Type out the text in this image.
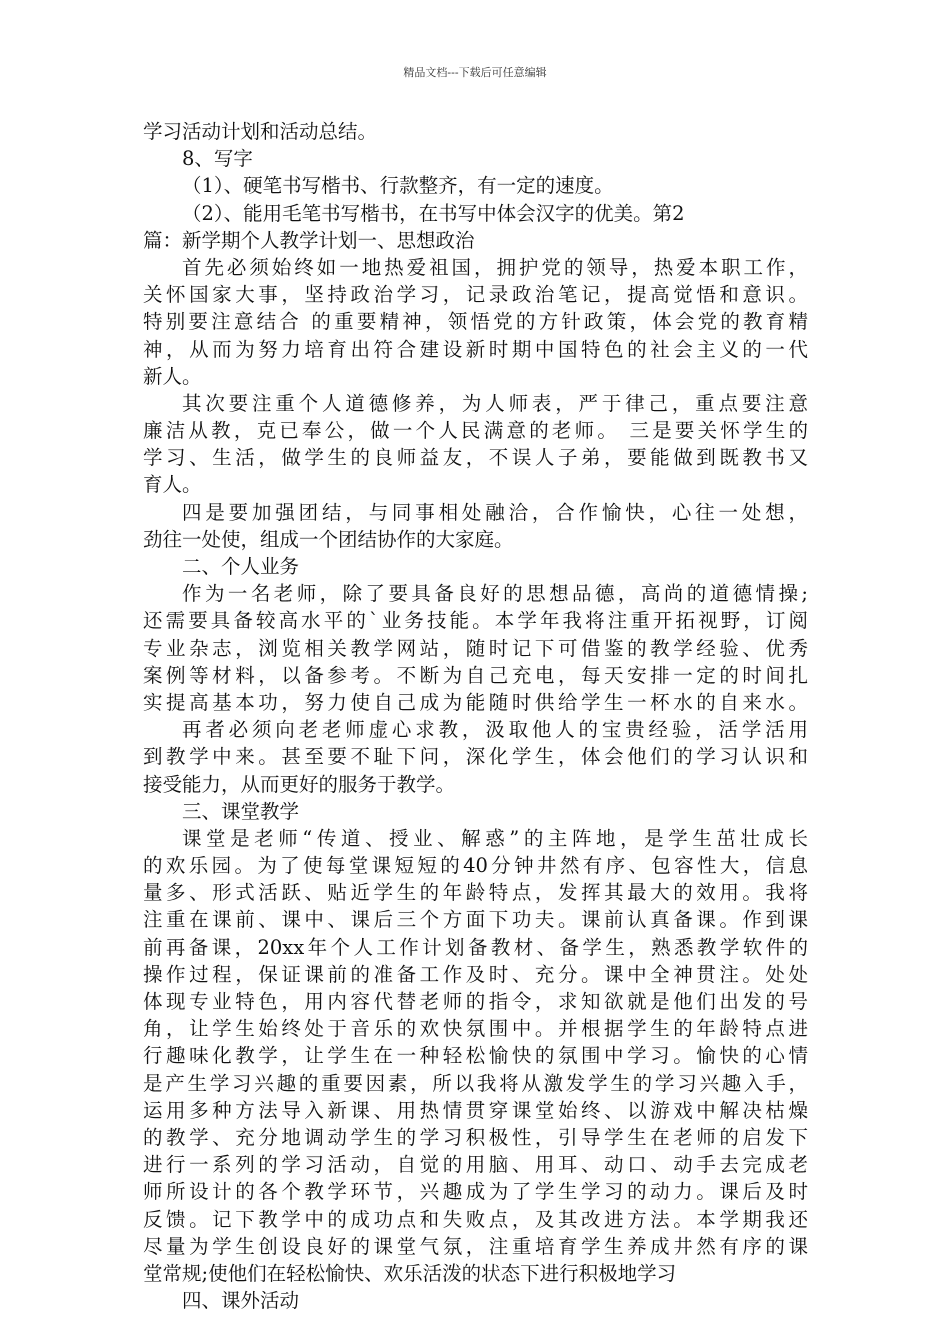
精品文档---下载后可任意编辑
学习活动计划和活动总结。
8、写字
（1）、硬笔书写楷书、行款整齐，有一定的速度。
（2）、能用毛笔书写楷书，在书写中体会汉字的优美。第2
篇：新学期个人教学计划一、思想政治
首先必须始终如一地热爱祖国，拥护党的领导，热爱本职工作，
关怀国家大事，坚持政治学习，记录政治笔记，提高觉悟和意识。
特别要注意结合 的重要精神，领悟党的方针政策，体会党的教育精
神，从而为努力培育出符合建设新时期中国特色的社会主义的一代
新人。
其次要注重个人道德修养，为人师表，严于律己，重点要注意
廉洁从教，克已奉公，做一个人民满意的老师。 三是要关怀学生的
学习、生活，做学生的良师益友，不误人子弟，要能做到既教书又
育人。
四是要加强团结，与同事相处融洽，合作愉快，心往一处想，
劲往一处使，组成一个团结协作的大家庭。
二、个人业务
作为一名老师，除了要具备良好的思想品德，高尚的道德情操;
还需要具备较高水平的`业务技能。本学年我将注重开拓视野，订阅
专业杂志，浏览相关教学网站，随时记下可借鉴的教学经验、优秀
案例等材料，以备参考。不断为自己充电，每天安排一定的时间扎
实提高基本功，努力使自己成为能随时供给学生一杯水的自来水。
再者必须向老老师虚心求教，汲取他人的宝贵经验，活学活用
到教学中来。甚至要不耻下问，深化学生，体会他们的学习认识和
接受能力，从而更好的服务于教学。
三、课堂教学
课堂是老师“传道、授业、解惑”的主阵地，是学生茁壮成长
的欢乐园。为了使每堂课短短的40分钟井然有序、包容性大，信息
量多、形式活跃、贴近学生的年龄特点，发挥其最大的效用。我将
注重在课前、课中、课后三个方面下功夫。课前认真备课。作到课
前再备课，20xx年个人工作计划备教材、备学生，熟悉教学软件的
操作过程，保证课前的准备工作及时、充分。课中全神贯注。处处
体现专业特色，用内容代替老师的指令，求知欲就是他们出发的号
角，让学生始终处于音乐的欢快氛围中。并根据学生的年龄特点进
行趣味化教学，让学生在一种轻松愉快的氛围中学习。愉快的心情
是产生学习兴趣的重要因素，所以我将从激发学生的学习兴趣入手，
运用多种方法导入新课、用热情贯穿课堂始终、以游戏中解决枯燥
的教学、充分地调动学生的学习积极性，引导学生在老师的启发下
进行一系列的学习活动，自觉的用脑、用耳、动口、动手去完成老
师所设计的各个教学环节，兴趣成为了学生学习的动力。课后及时
反馈。记下教学中的成功点和失败点，及其改进方法。本学期我还
尽量为学生创设良好的课堂气氛，注重培育学生养成井然有序的课
堂常规;使他们在轻松愉快、欢乐活泼的状态下进行积极地学习
四、课外活动
